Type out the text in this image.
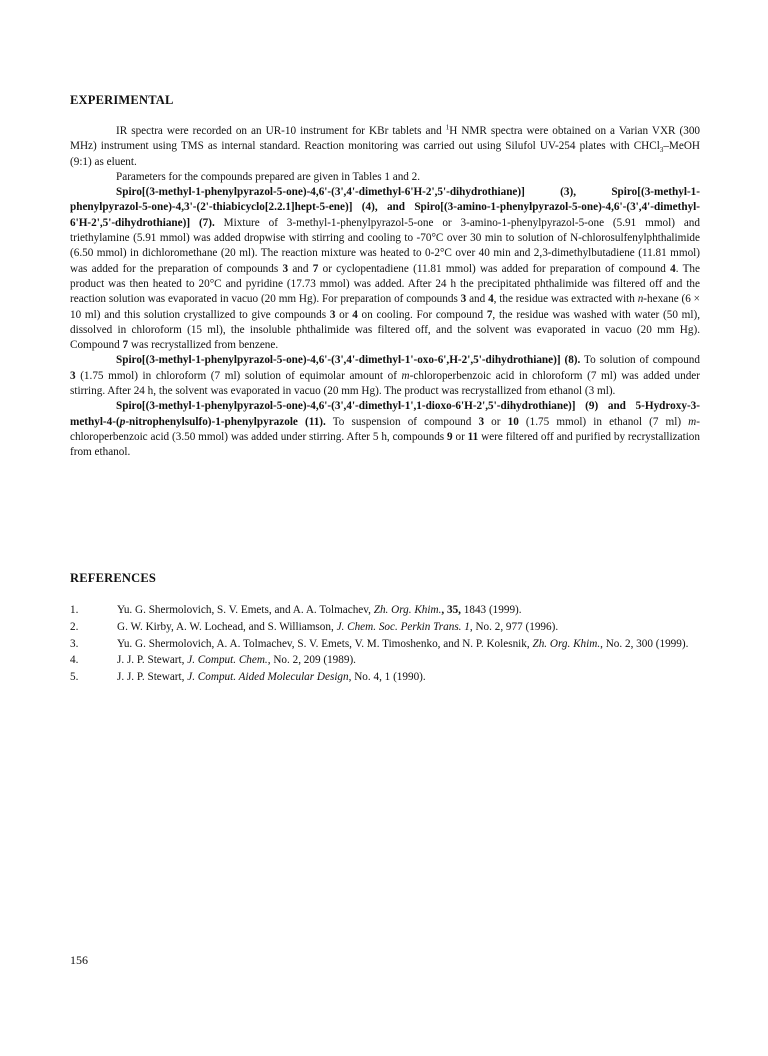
EXPERIMENTAL

IR spectra were recorded on an UR-10 instrument for KBr tablets and $^1$H NMR spectra were obtained on a Varian VXR (300 MHz) instrument using TMS as internal standard. Reaction monitoring was carried out using Silufol UV-254 plates with CHCl$_3$–MeOH (9:1) as eluent.

Parameters for the compounds prepared are given in Tables 1 and 2.

Spiro[(3-methyl-1-phenylpyrazol-5-one)-4,6'-(3',4'-dimethyl-6'H-2',5'-dihydrothiane)] (3), Spiro[(3-methyl-1-phenylpyrazol-5-one)-4,3'-(2'-thiabicyclo[2.2.1]hept-5-ene)] (4), and Spiro[(3-amino-1-phenylpyrazol-5-one)-4,6'-(3',4'-dimethyl-6'H-2',5'-dihydrothiane)] (7). Mixture of 3-methyl-1-phenylpyrazol-5-one or 3-amino-1-phenylpyrazol-5-one (5.91 mmol) and triethylamine (5.91 mmol) was added dropwise with stirring and cooling to -70°C over 30 min to solution of N-chlorosulfenylphthalimide (6.50 mmol) in dichloromethane (20 ml). The reaction mixture was heated to 0-2°C over 40 min and 2,3-dimethylbutadiene (11.81 mmol) was added for the preparation of compounds 3 and 7 or cyclopentadiene (11.81 mmol) was added for preparation of compound 4. The product was then heated to 20°C and pyridine (17.73 mmol) was added. After 24 h the precipitated phthalimide was filtered off and the reaction solution was evaporated in vacuo (20 mm Hg). For preparation of compounds 3 and 4, the residue was extracted with n-hexane (6 × 10 ml) and this solution crystallized to give compounds 3 or 4 on cooling. For compound 7, the residue was washed with water (50 ml), dissolved in chloroform (15 ml), the insoluble phthalimide was filtered off, and the solvent was evaporated in vacuo (20 mm Hg). Compound 7 was recrystallized from benzene.

Spiro[(3-methyl-1-phenylpyrazol-5-one)-4,6'-(3',4'-dimethyl-1'-oxo-6',H-2',5'-dihydrothiane)] (8). To solution of compound 3 (1.75 mmol) in chloroform (7 ml) solution of equimolar amount of m-chloroperbenzoic acid in chloroform (7 ml) was added under stirring. After 24 h, the solvent was evaporated in vacuo (20 mm Hg). The product was recrystallized from ethanol (3 ml).

Spiro[(3-methyl-1-phenylpyrazol-5-one)-4,6'-(3',4'-dimethyl-1',1-dioxo-6'H-2',5'-dihydrothiane)] (9) and 5-Hydroxy-3-methyl-4-(p-nitrophenylsulfo)-1-phenylpyrazole (11). To suspension of compound 3 or 10 (1.75 mmol) in ethanol (7 ml) m-chloroperbenzoic acid (3.50 mmol) was added under stirring. After 5 h, compounds 9 or 11 were filtered off and purified by recrystallization from ethanol.

REFERENCES

1.	Yu. G. Shermolovich, S. V. Emets, and A. A. Tolmachev, Zh. Org. Khim., 35, 1843 (1999).

2.	G. W. Kirby, A. W. Lochead, and S. Williamson, J. Chem. Soc. Perkin Trans. 1, No. 2, 977 (1996).

3.	Yu. G. Shermolovich, A. A. Tolmachev, S. V. Emets, V. M. Timoshenko, and N. P. Kolesnik, Zh. Org. Khim., No. 2, 300 (1999).

4.	J. J. P. Stewart, J. Comput. Chem., No. 2, 209 (1989).

5.	J. J. P. Stewart, J. Comput. Aided Molecular Design, No. 4, 1 (1990).

156
